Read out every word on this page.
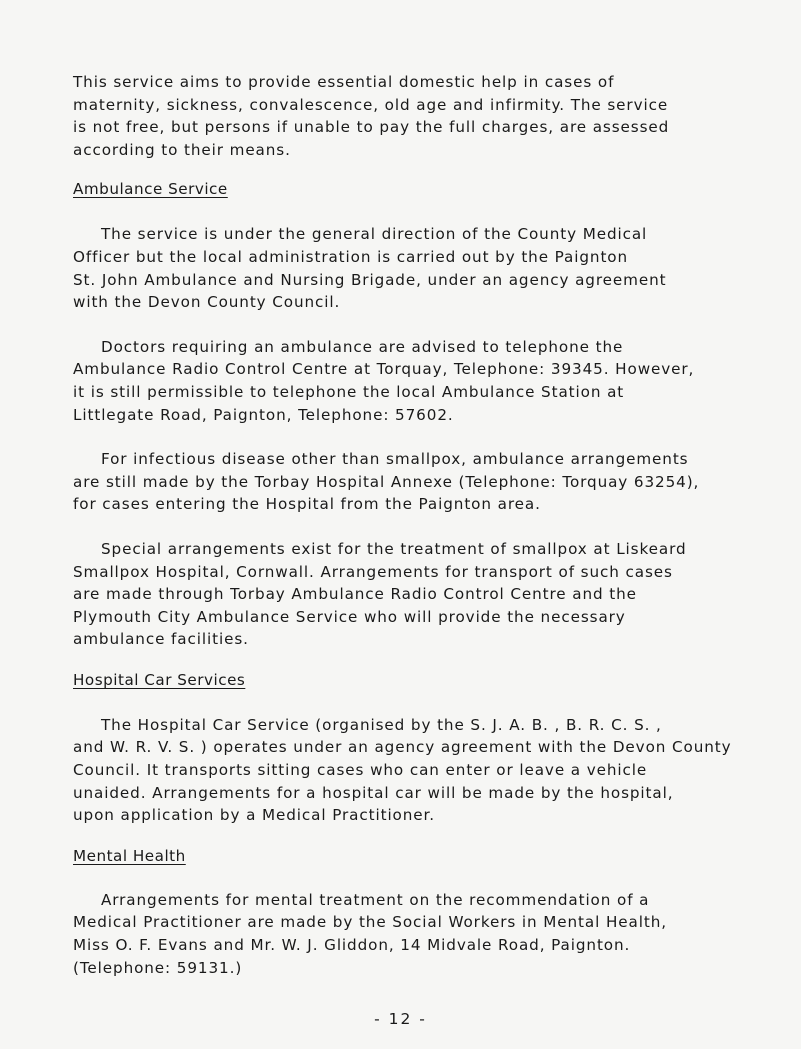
This service aims to provide essential domestic help in cases of
maternity, sickness, convalescence, old age and infirmity. The service
is not free, but persons if unable to pay the full charges, are assessed
according to their means.

Ambulance Service

The service is under the general direction of the County Medical
Officer but the local administration is carried out by the Paignton
St. John Ambulance and Nursing Brigade, under an agency agreement
with the Devon County Council.

Doctors requiring an ambulance are advised to telephone the
Ambulance Radio Control Centre at Torquay, Telephone: 39345. However,
it is still permissible to telephone the local Ambulance Station at
Littlegate Road, Paignton, Telephone: 57602.

For infectious disease other than smallpox, ambulance arrangements
are still made by the Torbay Hospital Annexe (Telephone: Torquay 63254),
for cases entering the Hospital from the Paignton area.

Special arrangements exist for the treatment of smallpox at Liskeard
Smallpox Hospital, Cornwall. Arrangements for transport of such cases
are made through Torbay Ambulance Radio Control Centre and the
Plymouth City Ambulance Service who will provide the necessary
ambulance facilities.

Hospital Car Services

The Hospital Car Service (organised by the S. J. A. B. , B. R. C. S. ,
and W. R. V. S. ) operates under an agency agreement with the Devon County
Council. It transports sitting cases who can enter or leave a vehicle
unaided. Arrangements for a hospital car will be made by the hospital,
upon application by a Medical Practitioner.

Mental Health

Arrangements for mental treatment on the recommendation of a
Medical Practitioner are made by the Social Workers in Mental Health,
Miss O. F. Evans and Mr. W. J. Gliddon, 14 Midvale Road, Paignton.
(Telephone: 59131.)

- 12 -
